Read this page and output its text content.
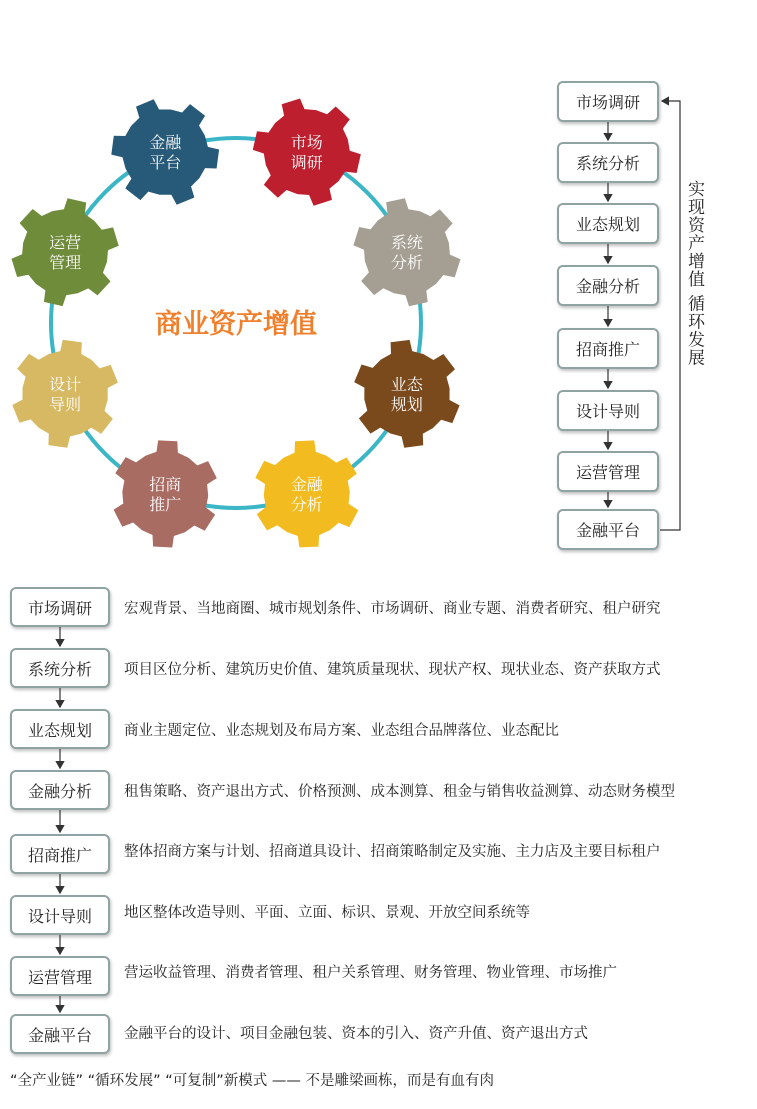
金融
平台
市场
调研
系统
分析
业态
规划
金融
分析
招商
推广
设计
导则
运营
管理
商业资产增值
市场调研
系统分析
业态规划
金融分析
招商推广
设计导则
运营管理
金融平台
实现资产增值 循环发展
市场调研	宏观背景、当地商圈、城市规划条件、市场调研、商业专题、消费者研究、租户研究
系统分析	项目区位分析、建筑历史价值、建筑质量现状、现状产权、现状业态、资产获取方式
业态规划	商业主题定位、业态规划及布局方案、业态组合品牌落位、业态配比
金融分析	租售策略、资产退出方式、价格预测、成本测算、租金与销售收益测算、动态财务模型
招商推广	整体招商方案与计划、招商道具设计、招商策略制定及实施、主力店及主要目标租户
设计导则	地区整体改造导则、平面、立面、标识、景观、开放空间系统等
运营管理	营运收益管理、消费者管理、租户关系管理、财务管理、物业管理、市场推广
金融平台	金融平台的设计、项目金融包装、资本的引入、资产升值、资产退出方式
“全产业链” “循环发展” “可复制”新模式 —— 不是雕梁画栋，而是有血有肉
